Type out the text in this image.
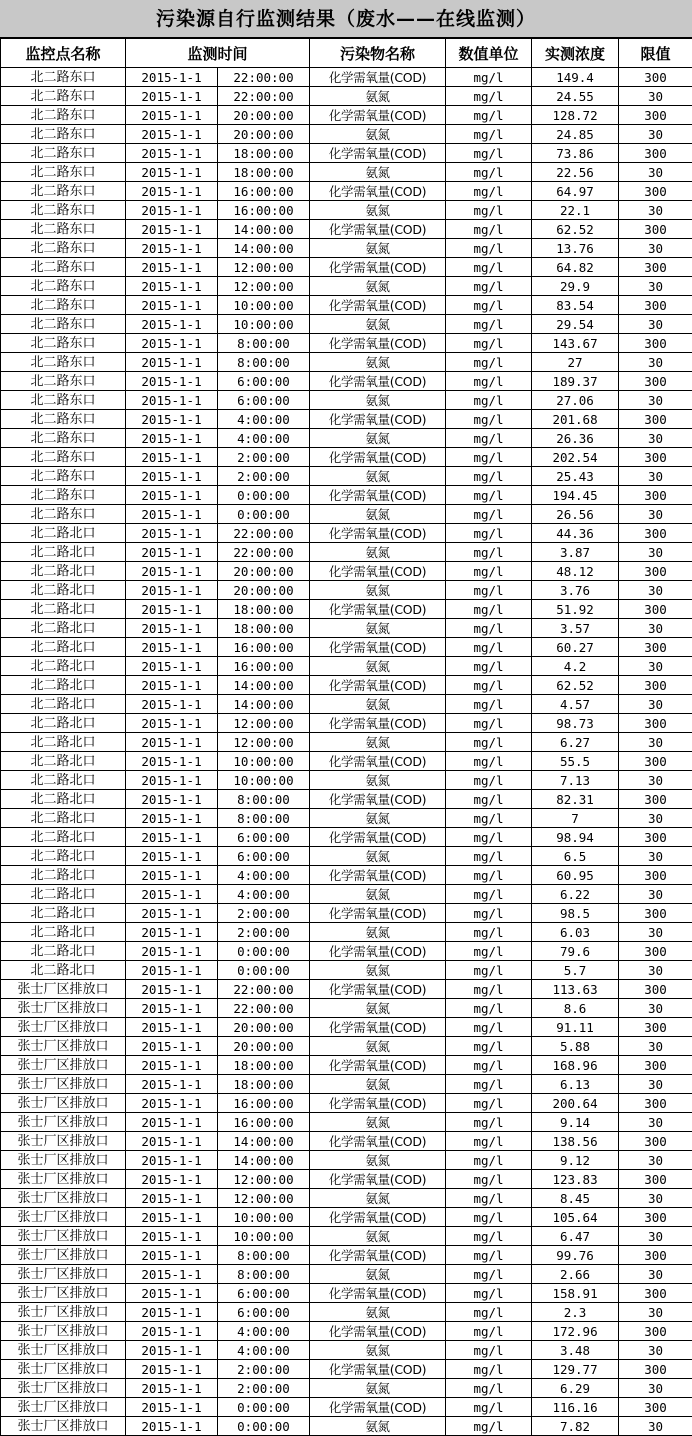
污染源自行监测结果（废水——在线监测）
监控点名称	监测时间		污染物名称	数值单位	实测浓度	限值
北二路东口	2015-1-1	22:00:00	化学需氧量(COD)	mg/l	149.4	300
北二路东口	2015-1-1	22:00:00	氨氮	mg/l	24.55	30
北二路东口	2015-1-1	20:00:00	化学需氧量(COD)	mg/l	128.72	300
北二路东口	2015-1-1	20:00:00	氨氮	mg/l	24.85	30
北二路东口	2015-1-1	18:00:00	化学需氧量(COD)	mg/l	73.86	300
北二路东口	2015-1-1	18:00:00	氨氮	mg/l	22.56	30
北二路东口	2015-1-1	16:00:00	化学需氧量(COD)	mg/l	64.97	300
北二路东口	2015-1-1	16:00:00	氨氮	mg/l	22.1	30
北二路东口	2015-1-1	14:00:00	化学需氧量(COD)	mg/l	62.52	300
北二路东口	2015-1-1	14:00:00	氨氮	mg/l	13.76	30
北二路东口	2015-1-1	12:00:00	化学需氧量(COD)	mg/l	64.82	300
北二路东口	2015-1-1	12:00:00	氨氮	mg/l	29.9	30
北二路东口	2015-1-1	10:00:00	化学需氧量(COD)	mg/l	83.54	300
北二路东口	2015-1-1	10:00:00	氨氮	mg/l	29.54	30
北二路东口	2015-1-1	8:00:00	化学需氧量(COD)	mg/l	143.67	300
北二路东口	2015-1-1	8:00:00	氨氮	mg/l	27	30
北二路东口	2015-1-1	6:00:00	化学需氧量(COD)	mg/l	189.37	300
北二路东口	2015-1-1	6:00:00	氨氮	mg/l	27.06	30
北二路东口	2015-1-1	4:00:00	化学需氧量(COD)	mg/l	201.68	300
北二路东口	2015-1-1	4:00:00	氨氮	mg/l	26.36	30
北二路东口	2015-1-1	2:00:00	化学需氧量(COD)	mg/l	202.54	300
北二路东口	2015-1-1	2:00:00	氨氮	mg/l	25.43	30
北二路东口	2015-1-1	0:00:00	化学需氧量(COD)	mg/l	194.45	300
北二路东口	2015-1-1	0:00:00	氨氮	mg/l	26.56	30
北二路北口	2015-1-1	22:00:00	化学需氧量(COD)	mg/l	44.36	300
北二路北口	2015-1-1	22:00:00	氨氮	mg/l	3.87	30
北二路北口	2015-1-1	20:00:00	化学需氧量(COD)	mg/l	48.12	300
北二路北口	2015-1-1	20:00:00	氨氮	mg/l	3.76	30
北二路北口	2015-1-1	18:00:00	化学需氧量(COD)	mg/l	51.92	300
北二路北口	2015-1-1	18:00:00	氨氮	mg/l	3.57	30
北二路北口	2015-1-1	16:00:00	化学需氧量(COD)	mg/l	60.27	300
北二路北口	2015-1-1	16:00:00	氨氮	mg/l	4.2	30
北二路北口	2015-1-1	14:00:00	化学需氧量(COD)	mg/l	62.52	300
北二路北口	2015-1-1	14:00:00	氨氮	mg/l	4.57	30
北二路北口	2015-1-1	12:00:00	化学需氧量(COD)	mg/l	98.73	300
北二路北口	2015-1-1	12:00:00	氨氮	mg/l	6.27	30
北二路北口	2015-1-1	10:00:00	化学需氧量(COD)	mg/l	55.5	300
北二路北口	2015-1-1	10:00:00	氨氮	mg/l	7.13	30
北二路北口	2015-1-1	8:00:00	化学需氧量(COD)	mg/l	82.31	300
北二路北口	2015-1-1	8:00:00	氨氮	mg/l	7	30
北二路北口	2015-1-1	6:00:00	化学需氧量(COD)	mg/l	98.94	300
北二路北口	2015-1-1	6:00:00	氨氮	mg/l	6.5	30
北二路北口	2015-1-1	4:00:00	化学需氧量(COD)	mg/l	60.95	300
北二路北口	2015-1-1	4:00:00	氨氮	mg/l	6.22	30
北二路北口	2015-1-1	2:00:00	化学需氧量(COD)	mg/l	98.5	300
北二路北口	2015-1-1	2:00:00	氨氮	mg/l	6.03	30
北二路北口	2015-1-1	0:00:00	化学需氧量(COD)	mg/l	79.6	300
北二路北口	2015-1-1	0:00:00	氨氮	mg/l	5.7	30
张士厂区排放口	2015-1-1	22:00:00	化学需氧量(COD)	mg/l	113.63	300
张士厂区排放口	2015-1-1	22:00:00	氨氮	mg/l	8.6	30
张士厂区排放口	2015-1-1	20:00:00	化学需氧量(COD)	mg/l	91.11	300
张士厂区排放口	2015-1-1	20:00:00	氨氮	mg/l	5.88	30
张士厂区排放口	2015-1-1	18:00:00	化学需氧量(COD)	mg/l	168.96	300
张士厂区排放口	2015-1-1	18:00:00	氨氮	mg/l	6.13	30
张士厂区排放口	2015-1-1	16:00:00	化学需氧量(COD)	mg/l	200.64	300
张士厂区排放口	2015-1-1	16:00:00	氨氮	mg/l	9.14	30
张士厂区排放口	2015-1-1	14:00:00	化学需氧量(COD)	mg/l	138.56	300
张士厂区排放口	2015-1-1	14:00:00	氨氮	mg/l	9.12	30
张士厂区排放口	2015-1-1	12:00:00	化学需氧量(COD)	mg/l	123.83	300
张士厂区排放口	2015-1-1	12:00:00	氨氮	mg/l	8.45	30
张士厂区排放口	2015-1-1	10:00:00	化学需氧量(COD)	mg/l	105.64	300
张士厂区排放口	2015-1-1	10:00:00	氨氮	mg/l	6.47	30
张士厂区排放口	2015-1-1	8:00:00	化学需氧量(COD)	mg/l	99.76	300
张士厂区排放口	2015-1-1	8:00:00	氨氮	mg/l	2.66	30
张士厂区排放口	2015-1-1	6:00:00	化学需氧量(COD)	mg/l	158.91	300
张士厂区排放口	2015-1-1	6:00:00	氨氮	mg/l	2.3	30
张士厂区排放口	2015-1-1	4:00:00	化学需氧量(COD)	mg/l	172.96	300
张士厂区排放口	2015-1-1	4:00:00	氨氮	mg/l	3.48	30
张士厂区排放口	2015-1-1	2:00:00	化学需氧量(COD)	mg/l	129.77	300
张士厂区排放口	2015-1-1	2:00:00	氨氮	mg/l	6.29	30
张士厂区排放口	2015-1-1	0:00:00	化学需氧量(COD)	mg/l	116.16	300
张士厂区排放口	2015-1-1	0:00:00	氨氮	mg/l	7.82	30
